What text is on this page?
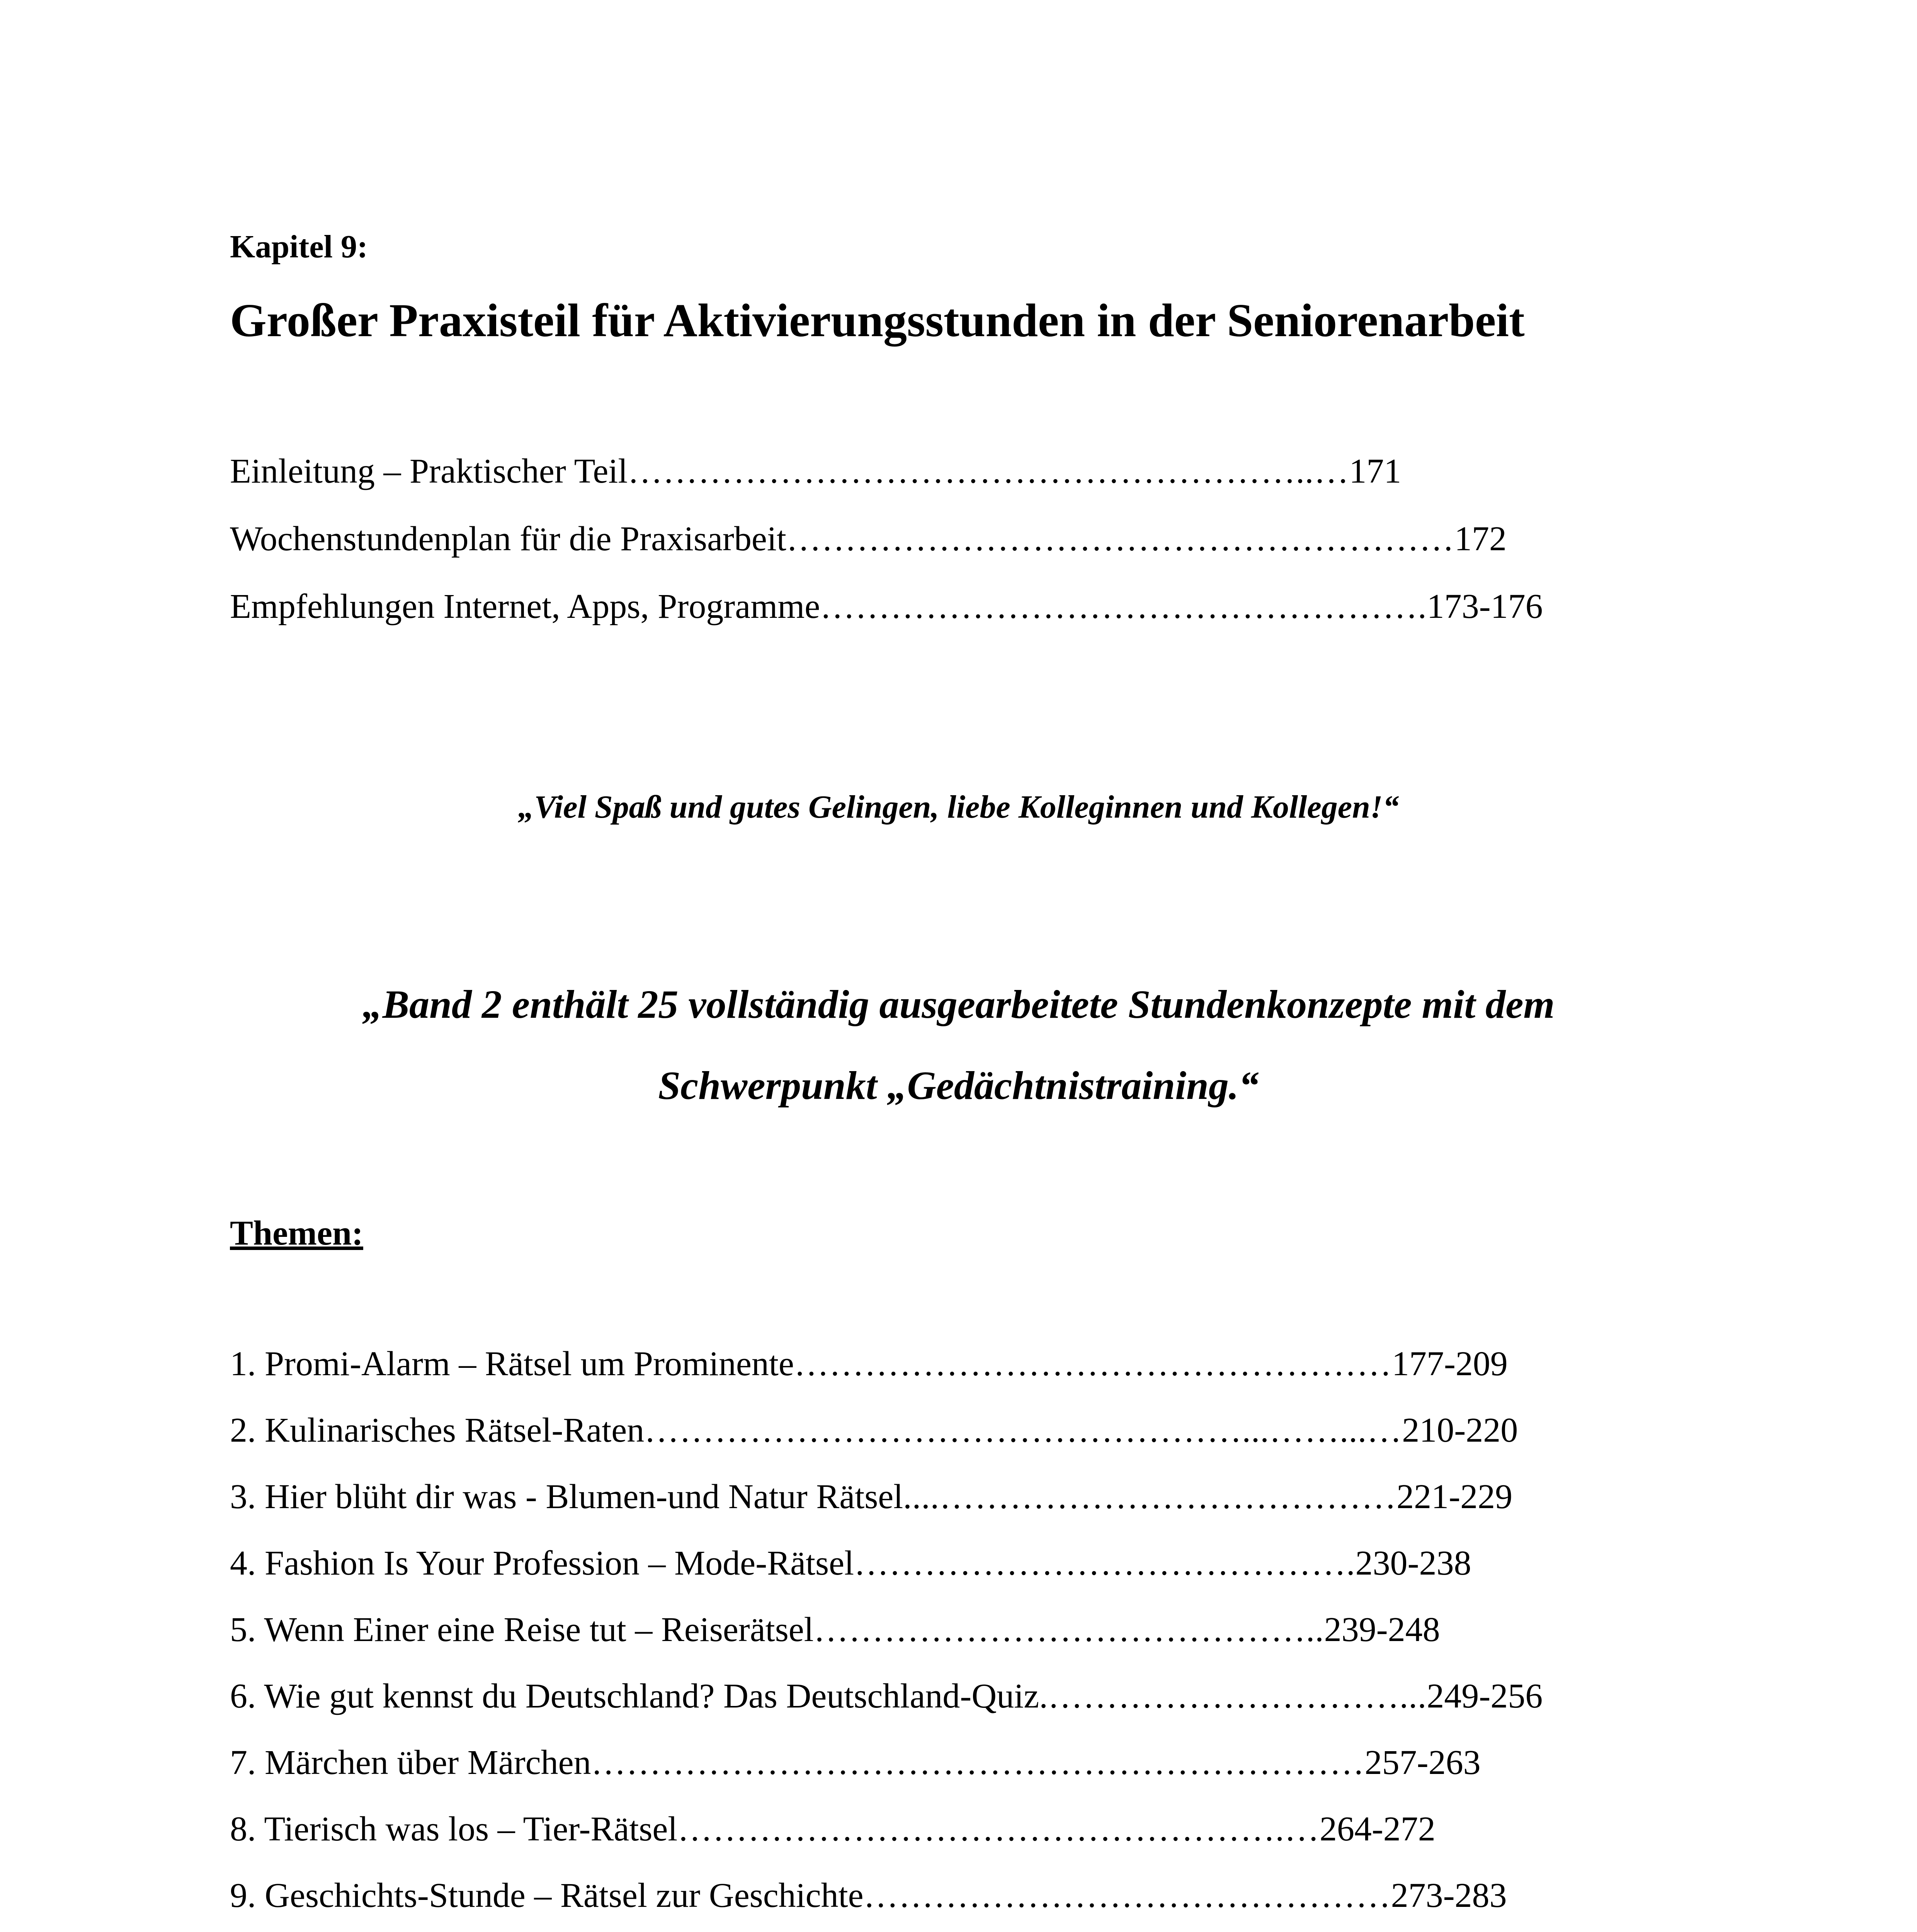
Kapitel 9:
Großer Praxisteil für Aktivierungsstunden in der Seniorenarbeit
Einleitung – Praktischer Teil…………………………………………………..…171
Wochenstundenplan für die Praxisarbeit…………………………………………………172
Empfehlungen Internet, Apps, Programme…………………………………………….173-176
„Viel Spaß und gutes Gelingen, liebe Kolleginnen und Kollegen!“
„Band 2 enthält 25 vollständig ausgearbeitete Stundenkonzepte mit dem
Schwerpunkt „Gedächtnistraining.“
Themen:
1. Promi-Alarm – Rätsel um Prominente……………………………………………177-209
2. Kulinarisches Rätsel-Raten……………………………………………...……...…210-220
3. Hier blüht dir was - Blumen-und Natur Rätsel....…………………………………221-229
4. Fashion Is Your Profession – Mode-Rätsel…………………………………….230-238
5. Wenn Einer eine Reise tut – Reiserätsel……………………………………..239-248
6. Wie gut kennst du Deutschland? Das Deutschland-Quiz.…………………………...249-256
7. Märchen über Märchen…………………………………………………………257-263
8. Tierisch was los – Tier-Rätsel…………………………………………….…264-272
9. Geschichts-Stunde – Rätsel zur Geschichte………………………………………273-283
